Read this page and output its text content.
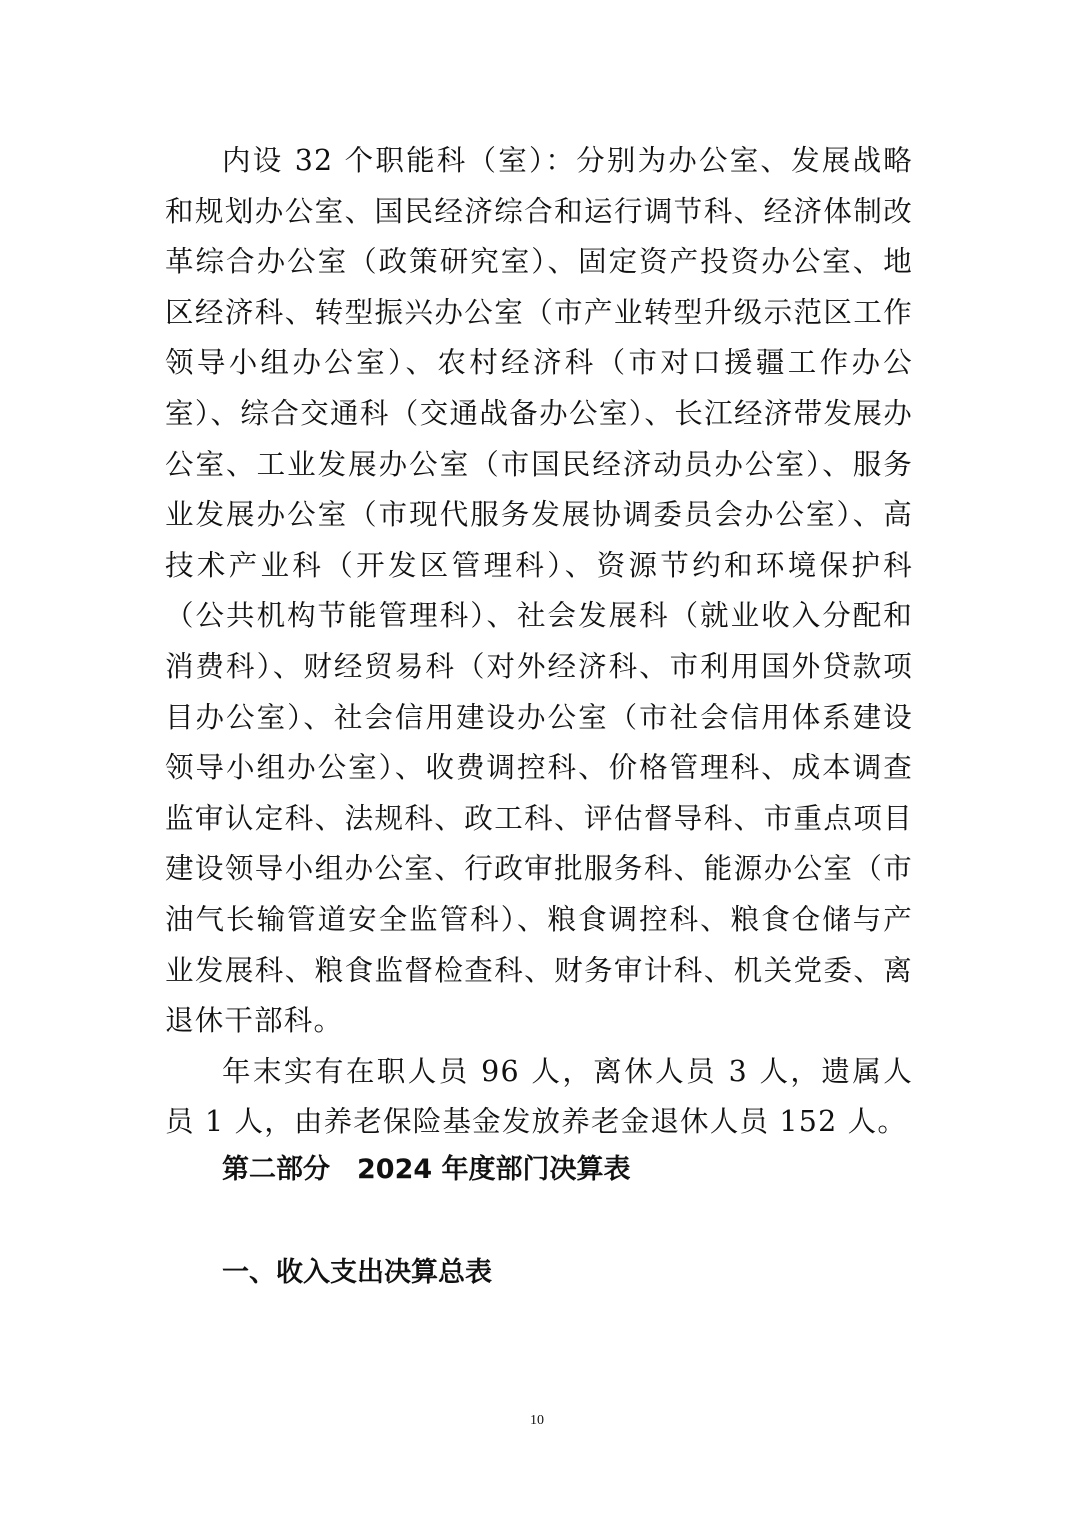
内设 32 个职能科（室）：分别为办公室、发展战略和规划办公室、国民经济综合和运行调节科、经济体制改革综合办公室（政策研究室）、固定资产投资办公室、地区经济科、转型振兴办公室（市产业转型升级示范区工作领导小组办公室）、农村经济科（市对口援疆工作办公室）、综合交通科（交通战备办公室）、长江经济带发展办公室、工业发展办公室（市国民经济动员办公室）、服务业发展办公室（市现代服务发展协调委员会办公室）、高技术产业科（开发区管理科）、资源节约和环境保护科（公共机构节能管理科）、社会发展科（就业收入分配和消费科）、财经贸易科（对外经济科、市利用国外贷款项目办公室）、社会信用建设办公室（市社会信用体系建设领导小组办公室）、收费调控科、价格管理科、成本调查监审认定科、法规科、政工科、评估督导科、市重点项目建设领导小组办公室、行政审批服务科、能源办公室（市油气长输管道安全监管科）、粮食调控科、粮食仓储与产业发展科、粮食监督检查科、财务审计科、机关党委、离退休干部科。

年末实有在职人员 96 人，离休人员 3 人，遗属人员 1 人，由养老保险基金发放养老金退休人员 152 人。

第二部分　2024 年度部门决算表
一、收入支出决算总表
10
